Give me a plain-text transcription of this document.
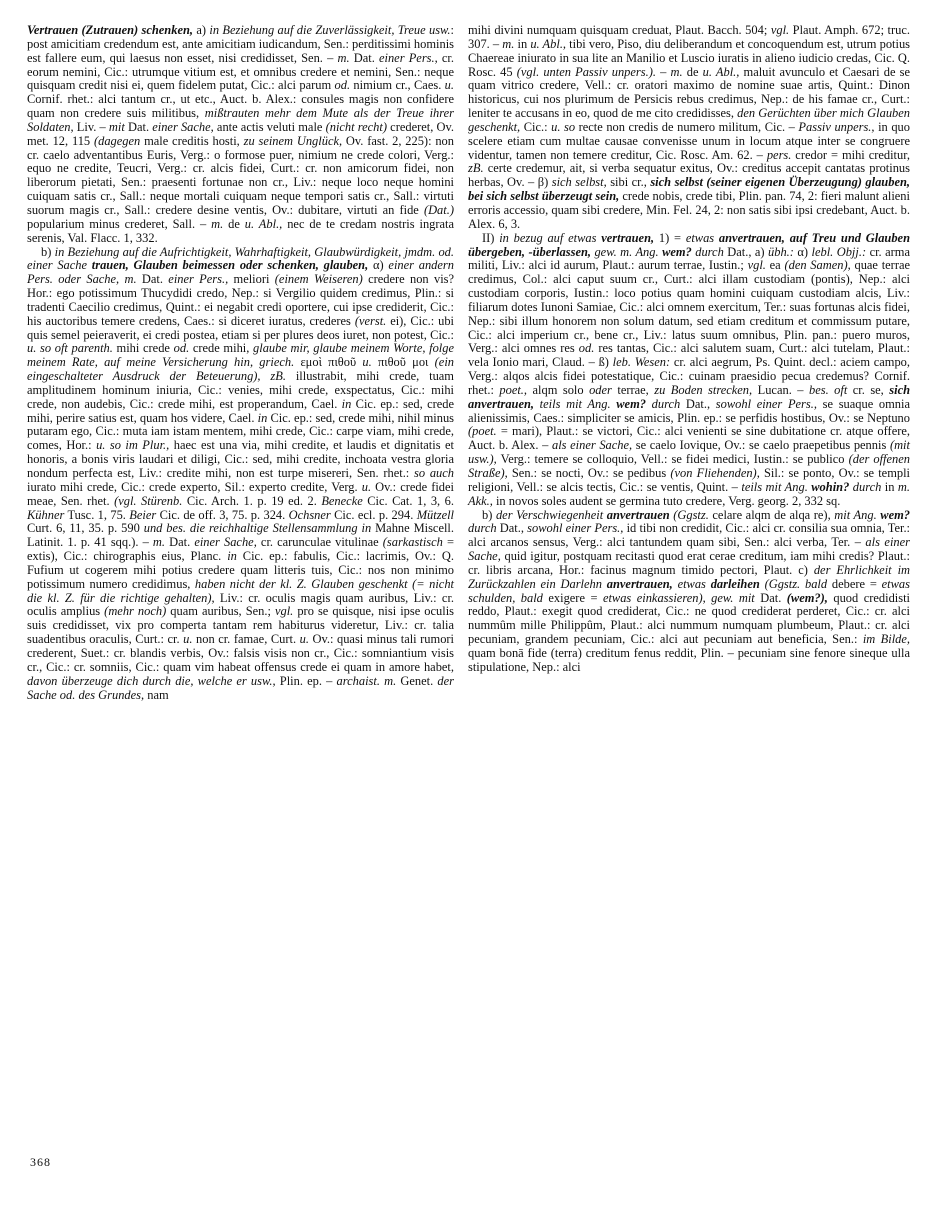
Vertrauen (Zutrauen) schenken, a) in Beziehung auf die Zuverlässigkeit, Treue usw.: post amicitiam credendum est, ante amicitiam iudicandum, Sen.: perditissimi hominis est fallere eum, qui laesus non esset, nisi credidisset, Sen. – m. Dat. einer Pers., cr. eorum nemini, Cic.: utrumque vitium est, et omnibus credere et nemini, Sen.: neque quisquam credit nisi ei, quem fidelem putat, Cic.: alci parum od. nimium cr., Caes. u. Cornif. rhet.: alci tantum cr., ut etc., Auct. b. Alex.: consules magis non confidere quam non credere suis militibus, mißtrauten mehr dem Mute als der Treue ihrer Soldaten, Liv. – mit Dat. einer Sache, ante actis veluti male (nicht recht) crederet, Ov. met. 12, 115 (dagegen male creditis hosti, zu seinem Unglück, Ov. fast. 2, 225): non cr. caelo adventantibus Euris, Verg.: o formose puer, nimium ne crede colori, Verg.: equo ne credite, Teucri, Verg.: cr. alcis fidei, Curt.: cr. non amicorum fidei, non liberorum pietati, Sen.: praesenti fortunae non cr., Liv.: neque loco neque homini cuiquam satis cr., Sall.: neque mortali cuiquam neque tempori satis cr., Sall.: virtuti suorum magis cr., Sall.: credere desine ventis, Ov.: dubitare, virtuti an fide (Dat.) popularium minus crederet, Sall. – m. de u. Abl., nec de te credam nostris ingrata serenis, Val. Flacc. 1, 332.

b) in Beziehung auf die Aufrichtigkeit, Wahrhaftigkeit, Glaubwürdigkeit, jmdm. od. einer Sache trauen, Glauben beimessen oder schenken, glauben, α) einer andern Pers. oder Sache, m. Dat. einer Pers., meliori (einem Weiseren) credere non vis? Hor.: ego potissimum Thucydidi credo, Nep.: si Vergilio quidem credimus, Plin.: si tradenti Caecilio credimus, Quint.: ei negabit credi oportere, cui ipse crediderit, Cic.: his auctoribus temere credens, Caes.: si diceret iuratus, crederes (verst. ei), Cic.: ubi quis semel peieraverit, ei credi postea, etiam si per plures deos iuret, non potest, Cic.: u. so oft parenth. mihi crede od. crede mihi, glaube mir, glaube meinem Worte, folge meinem Rate, auf meine Versicherung hin, griech. εμοὶ πιθοῦ u. πιθοῦ μοι (ein eingeschalteter Ausdruck der Beteuerung), zB. illustrabit, mihi crede, tuam amplitudinem hominum iniuria, Cic.: venies, mihi crede, exspectatus, Cic.: mihi crede, non audebis, Cic.: crede mihi, est properandum, Cael. in Cic. ep.: sed, crede mihi, perire satius est, quam hos videre, Cael. in Cic. ep.: sed, crede mihi, nihil minus putaram ego, Cic.: muta iam istam mentem, mihi crede, Cic.: carpe viam, mihi crede, comes, Hor.: u. so im Plur., haec est una via, mihi credite, et laudis et dignitatis et honoris, a bonis viris laudari et diligi, Cic.: sed, mihi credite, inchoata vestra gloria nondum perfecta est, Liv.: credite mihi, non est turpe misereri, Sen. rhet.: so auch iurato mihi crede, Cic.: crede experto, Sil.: experto credite, Verg. u. Ov.: crede fidei meae, Sen. rhet. (vgl. Stürenb. Cic. Arch. 1. p. 19 ed. 2. Benecke Cic. Cat. 1, 3, 6. Kühner Tusc. 1, 75. Beier Cic. de off. 3, 75. p. 324. Ochsner Cic. ecl. p. 294. Mützell Curt. 6, 11, 35. p. 590 und bes. die reichhaltige Stellensammlung in Mahne Miscell. Latinit. 1. p. 41 sqq.). – m. Dat. einer Sache, cr. carunculae vitulinae (sarkastisch = extis), Cic.: chirographis eius, Planc. in Cic. ep.: fabulis, Cic.: lacrimis, Ov.: Q. Fufium ut cogerem mihi potius credere quam litteris tuis, Cic.: nos non minimo potissimum numero credidimus, haben nicht der kl. Z. Glauben geschenkt (= nicht die kl. Z. für die richtige gehalten), Liv.: cr. oculis magis quam auribus, Liv.: cr. oculis amplius (mehr noch) quam auribus, Sen.; vgl. pro se quisque, nisi ipse oculis suis credidisset, vix pro comperta tantam rem habiturus videretur, Liv.: cr. talia suadentibus oraculis, Curt.: cr. u. non cr. famae, Curt. u. Ov.: quasi minus tali rumori crederent, Suet.: cr. blandis verbis, Ov.: falsis visis non cr., Cic.: somniantium visis cr., Cic.: cr. somniis, Cic.: quam vim habeat offensus crede ei quam in amore habet, davon überzeuge dich durch die, welche er usw., Plin. ep. – archaist. m. Genet. der Sache od. des Grundes, nam

mihi divini numquam quisquam creduat, Plaut. Bacch. 504; vgl. Plaut. Amph. 672; truc. 307. – m. in u. Abl., tibi vero, Piso, diu deliberandum et concoquendum est, utrum potius Chaereae iniurato in sua lite an Manilio et Luscio iuratis in alieno iudicio credas, Cic. Q. Rosc. 45 (vgl. unten Passiv unpers.). – m. de u. Abl., maluit avunculo et Caesari de se quam vitrico credere, Vell.: cr. oratori maximo de nomine suae artis, Quint.: Dinon historicus, cui nos plurimum de Persicis rebus credimus, Nep.: de his famae cr., Curt.: leniter te accusans in eo, quod de me cito credidisses, den Gerüchten über mich Glauben geschenkt, Cic.: u. so recte non credis de numero militum, Cic. – Passiv unpers., in quo scelere etiam cum multae causae convenisse unum in locum atque inter se congruere videntur, tamen non temere creditur, Cic. Rosc. Am. 62. – pers. credor = mihi creditur, zB. certe credemur, ait, si verba sequatur exitus, Ov.: creditus accepit cantatas protinus herbas, Ov. – β) sich selbst, sibi cr., sich selbst (seiner eigenen Überzeugung) glauben, bei sich selbst überzeugt sein, crede nobis, crede tibi, Plin. pan. 74, 2: fieri malunt alieni erroris accessio, quam sibi credere, Min. Fel. 24, 2: non satis sibi ipsi credebant, Auct. b. Alex. 6, 3.

II) in bezug auf etwas vertrauen, 1) = etwas anvertrauen, auf Treu und Glauben übergeben, -überlassen, gew. m. Ang. wem? durch Dat., a) übh.: α) lebl. Objj.: cr. arma militi, Liv.: alci id aurum, Plaut.: aurum terrae, Iustin.; vgl. ea (den Samen), quae terrae credimus, Col.: alci caput suum cr., Curt.: alci illam custodiam (pontis), Nep.: alci custodiam corporis, Iustin.: loco potius quam homini cuiquam custodiam alcis, Liv.: filiarum dotes Iunoni Samiae, Cic.: alci omnem exercitum, Ter.: suas fortunas alcis fidei, Nep.: sibi illum honorem non solum datum, sed etiam creditum et commissum putare, Cic.: alci imperium cr., bene cr., Liv.: latus suum omnibus, Plin. pan.: puero muros, Verg.: alci omnes res od. res tantas, Cic.: alci salutem suam, Curt.: alci tutelam, Plaut.: vela Ionio mari, Claud. – ß) leb. Wesen: cr. alci aegrum, Ps. Quint. decl.: aciem campo, Verg.: alqos alcis fidei potestatique, Cic.: cuinam praesidio pecua credemus? Cornif. rhet.: poet., alqm solo oder terrae, zu Boden strecken, Lucan. – bes. oft cr. se, sich anvertrauen, teils mit Ang. wem? durch Dat., sowohl einer Pers., se suaque omnia alienissimis, Caes.: simpliciter se amicis, Plin. ep.: se perfidis hostibus, Ov.: se Neptuno (poet. = mari), Plaut.: se victori, Cic.: alci venienti se sine dubitatione cr. atque offere, Auct. b. Alex. – als einer Sache, se caelo Iovique, Ov.: se caelo praepetibus pennis (mit usw.), Verg.: temere se colloquio, Vell.: se fidei medici, Iustin.: se publico (der offenen Straße), Sen.: se nocti, Ov.: se pedibus (von Fliehenden), Sil.: se ponto, Ov.: se templi religioni, Vell.: se alcis tectis, Cic.: se ventis, Quint. – teils mit Ang. wohin? durch in m. Akk., in novos soles audent se germina tuto credere, Verg. georg. 2, 332 sq.

b) der Verschwiegenheit anvertrauen (Ggstz. celare alqm de alqa re), mit Ang. wem? durch Dat., sowohl einer Pers., id tibi non credidit, Cic.: alci cr. consilia sua omnia, Ter.: alci arcanos sensus, Verg.: alci tantundem quam sibi, Sen.: alci verba, Ter. – als einer Sache, quid igitur, postquam recitasti quod erat cerae creditum, iam mihi credis? Plaut.: cr. libris arcana, Hor.: facinus magnum timido pectori, Plaut. c) der Ehrlichkeit im Zurückzahlen ein Darlehn anvertrauen, etwas darleihen (Ggstz. bald debere = etwas schulden, bald exigere = etwas einkassieren), gew. mit Dat. (wem?), quod credidisti reddo, Plaut.: exegit quod crediderat, Cic.: ne quod crediderat perderet, Cic.: cr. alci nummûm mille Philippûm, Plaut.: alci nummum numquam plumbeum, Plaut.: cr. alci pecuniam, grandem pecuniam, Cic.: alci aut pecuniam aut beneficia, Sen.: im Bilde, quam bonā fide (terra) creditum fenus reddit, Plin. – pecuniam sine fenore sineque ulla stipulatione, Nep.: alci

368
